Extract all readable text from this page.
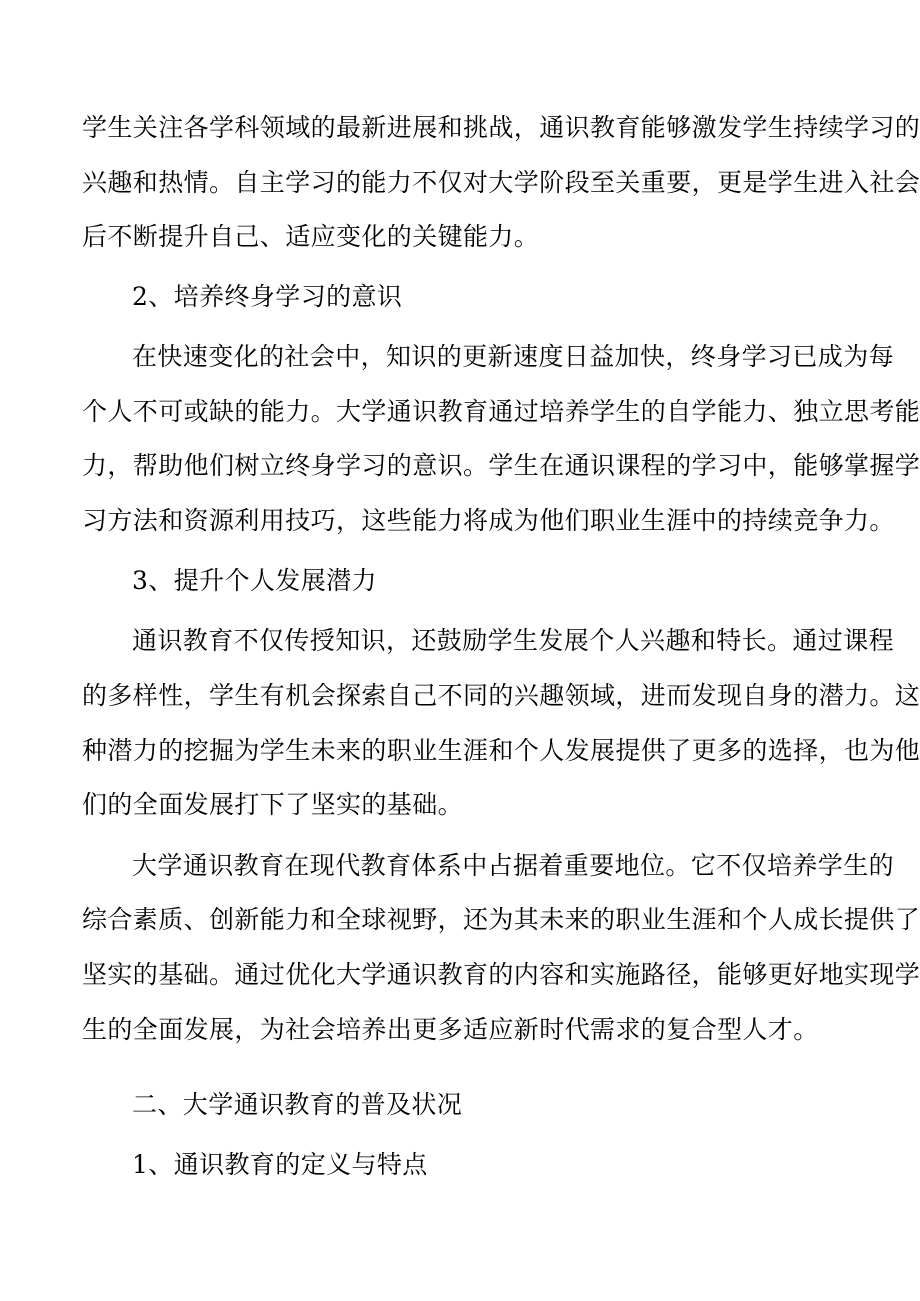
学生关注各学科领域的最新进展和挑战，通识教育能够激发学生持续学习的
兴趣和热情。自主学习的能力不仅对大学阶段至关重要，更是学生进入社会
后不断提升自己、适应变化的关键能力。
2、培养终身学习的意识
在快速变化的社会中，知识的更新速度日益加快，终身学习已成为每
个人不可或缺的能力。大学通识教育通过培养学生的自学能力、独立思考能
力，帮助他们树立终身学习的意识。学生在通识课程的学习中，能够掌握学
习方法和资源利用技巧，这些能力将成为他们职业生涯中的持续竞争力。
3、提升个人发展潜力
通识教育不仅传授知识，还鼓励学生发展个人兴趣和特长。通过课程
的多样性，学生有机会探索自己不同的兴趣领域，进而发现自身的潜力。这
种潜力的挖掘为学生未来的职业生涯和个人发展提供了更多的选择，也为他
们的全面发展打下了坚实的基础。
大学通识教育在现代教育体系中占据着重要地位。它不仅培养学生的
综合素质、创新能力和全球视野，还为其未来的职业生涯和个人成长提供了
坚实的基础。通过优化大学通识教育的内容和实施路径，能够更好地实现学
生的全面发展，为社会培养出更多适应新时代需求的复合型人才。
二、大学通识教育的普及状况
1、通识教育的定义与特点
